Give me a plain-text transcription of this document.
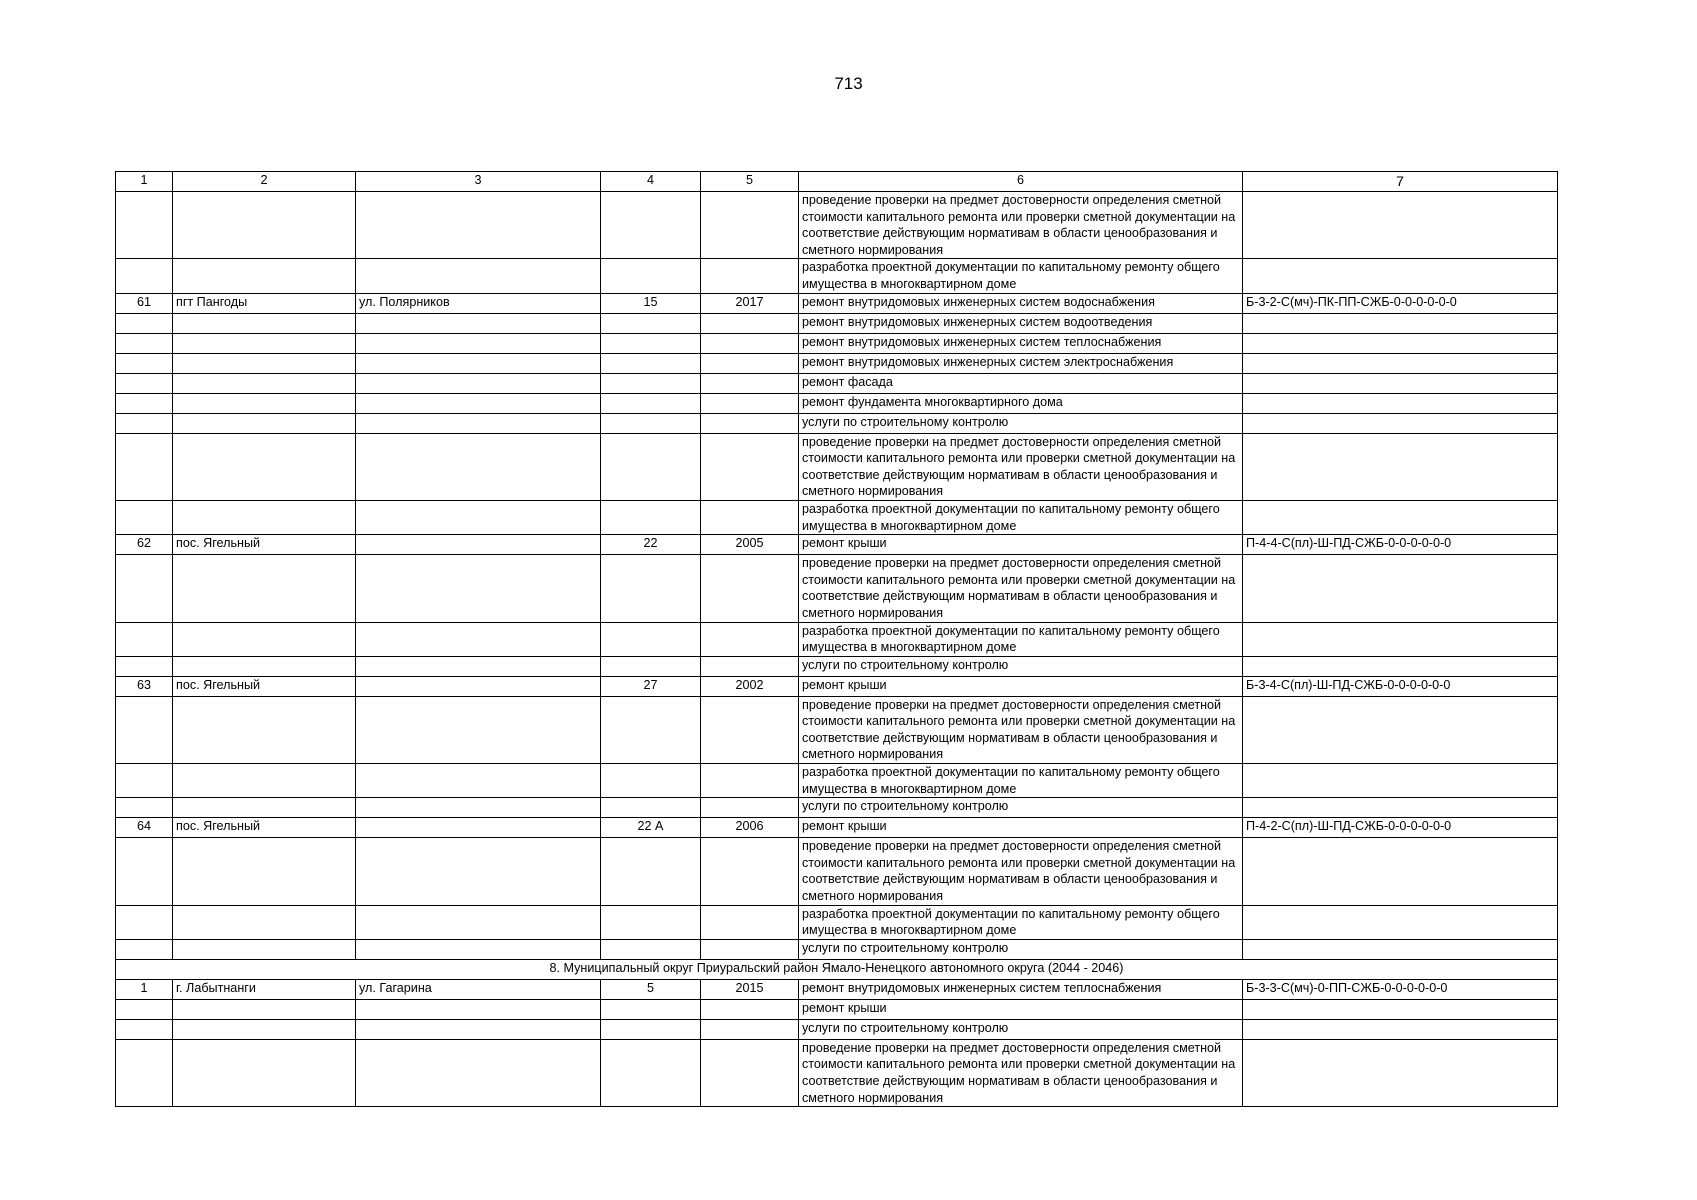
713
1	2	3	4	5	6	7
					проведение проверки на предмет достоверности определения сметной стоимости капитального ремонта или проверки сметной документации на соответствие действующим нормативам в области ценообразования и сметного нормирования	
					разработка проектной документации по капитальному ремонту общего имущества в многоквартирном доме	
61	пгт Пангоды	ул. Полярников	15	2017	ремонт внутридомовых инженерных систем водоснабжения	Б-3-2-С(мч)-ПК-ПП-СЖБ-0-0-0-0-0-0
					ремонт внутридомовых инженерных систем водоотведения	
					ремонт внутридомовых инженерных систем теплоснабжения	
					ремонт внутридомовых инженерных систем электроснабжения	
					ремонт фасада	
					ремонт фундамента многоквартирного дома	
					услуги по строительному контролю	
					проведение проверки на предмет достоверности определения сметной стоимости капитального ремонта или проверки сметной документации на соответствие действующим нормативам в области ценообразования и сметного нормирования	
					разработка проектной документации по капитальному ремонту общего имущества в многоквартирном доме	
62	пос. Ягельный		22	2005	ремонт крыши	П-4-4-С(пл)-Ш-ПД-СЖБ-0-0-0-0-0-0
					проведение проверки на предмет достоверности определения сметной стоимости капитального ремонта или проверки сметной документации на соответствие действующим нормативам в области ценообразования и сметного нормирования	
					разработка проектной документации по капитальному ремонту общего имущества в многоквартирном доме	
					услуги по строительному контролю	
63	пос. Ягельный		27	2002	ремонт крыши	Б-3-4-С(пл)-Ш-ПД-СЖБ-0-0-0-0-0-0
					проведение проверки на предмет достоверности определения сметной стоимости капитального ремонта или проверки сметной документации на соответствие действующим нормативам в области ценообразования и сметного нормирования	
					разработка проектной документации по капитальному ремонту общего имущества в многоквартирном доме	
					услуги по строительному контролю	
64	пос. Ягельный		22 А	2006	ремонт крыши	П-4-2-С(пл)-Ш-ПД-СЖБ-0-0-0-0-0-0
					проведение проверки на предмет достоверности определения сметной стоимости капитального ремонта или проверки сметной документации на соответствие действующим нормативам в области ценообразования и сметного нормирования	
					разработка проектной документации по капитальному ремонту общего имущества в многоквартирном доме	
					услуги по строительному контролю	
8. Муниципальный округ Приуральский район Ямало-Ненецкого автономного округа (2044 - 2046)						
1	г. Лабытнанги	ул. Гагарина	5	2015	ремонт внутридомовых инженерных систем теплоснабжения	Б-3-3-С(мч)-0-ПП-СЖБ-0-0-0-0-0-0
					ремонт крыши	
					услуги по строительному контролю	
					проведение проверки на предмет достоверности определения сметной стоимости капитального ремонта или проверки сметной документации на соответствие действующим нормативам в области ценообразования и сметного нормирования	
